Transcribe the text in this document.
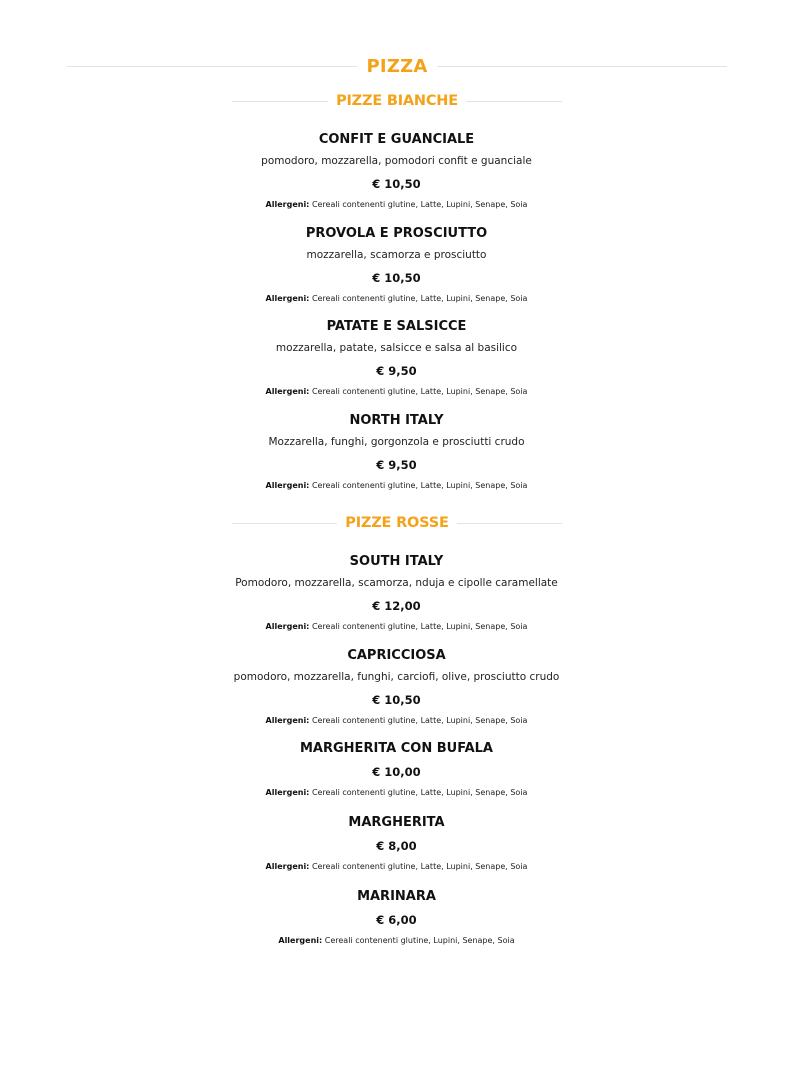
PIZZA
PIZZE BIANCHE
CONFIT E GUANCIALE
pomodoro, mozzarella, pomodori confit e guanciale
€ 10,50
Allergeni: Cereali contenenti glutine, Latte, Lupini, Senape, Soia
PROVOLA E PROSCIUTTO
mozzarella, scamorza e prosciutto
€ 10,50
Allergeni: Cereali contenenti glutine, Latte, Lupini, Senape, Soia
PATATE E SALSICCE
mozzarella, patate, salsicce e salsa al basilico
€ 9,50
Allergeni: Cereali contenenti glutine, Latte, Lupini, Senape, Soia
NORTH ITALY
Mozzarella, funghi, gorgonzola e prosciutti crudo
€ 9,50
Allergeni: Cereali contenenti glutine, Latte, Lupini, Senape, Soia
PIZZE ROSSE
SOUTH ITALY
Pomodoro, mozzarella, scamorza, nduja e cipolle caramellate
€ 12,00
Allergeni: Cereali contenenti glutine, Latte, Lupini, Senape, Soia
CAPRICCIOSA
pomodoro, mozzarella, funghi, carciofi, olive, prosciutto crudo
€ 10,50
Allergeni: Cereali contenenti glutine, Latte, Lupini, Senape, Soia
MARGHERITA CON BUFALA
€ 10,00
Allergeni: Cereali contenenti glutine, Latte, Lupini, Senape, Soia
MARGHERITA
€ 8,00
Allergeni: Cereali contenenti glutine, Latte, Lupini, Senape, Soia
MARINARA
€ 6,00
Allergeni: Cereali contenenti glutine, Lupini, Senape, Soia
